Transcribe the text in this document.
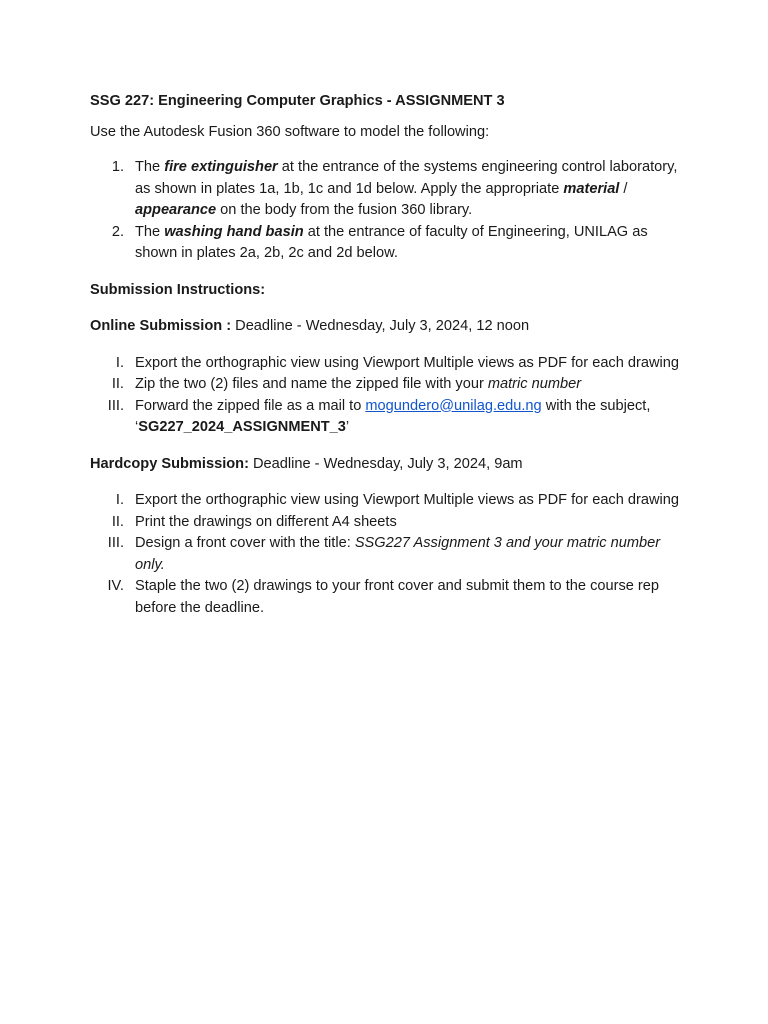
SSG 227: Engineering Computer Graphics - ASSIGNMENT 3

Use the Autodesk Fusion 360 software to model the following:

1. The fire extinguisher at the entrance of the systems engineering control laboratory, as shown in plates 1a, 1b, 1c and 1d below. Apply the appropriate material / appearance on the body from the fusion 360 library.
2. The washing hand basin at the entrance of faculty of Engineering, UNILAG as shown in plates 2a, 2b, 2c and 2d below.

Submission Instructions:

Online Submission : Deadline - Wednesday, July 3, 2024, 12 noon

I. Export the orthographic view using Viewport Multiple views as PDF for each drawing
II. Zip the two (2) files and name the zipped file with your matric number
III. Forward the zipped file as a mail to mogundero@unilag.edu.ng with the subject, ‘SG227_2024_ASSIGNMENT_3’

Hardcopy Submission: Deadline - Wednesday, July 3, 2024, 9am

I. Export the orthographic view using Viewport Multiple views as PDF for each drawing
II. Print the drawings on different A4 sheets
III. Design a front cover with the title: SSG227 Assignment 3 and your matric number only.
IV. Staple the two (2) drawings to your front cover and submit them to the course rep before the deadline.
